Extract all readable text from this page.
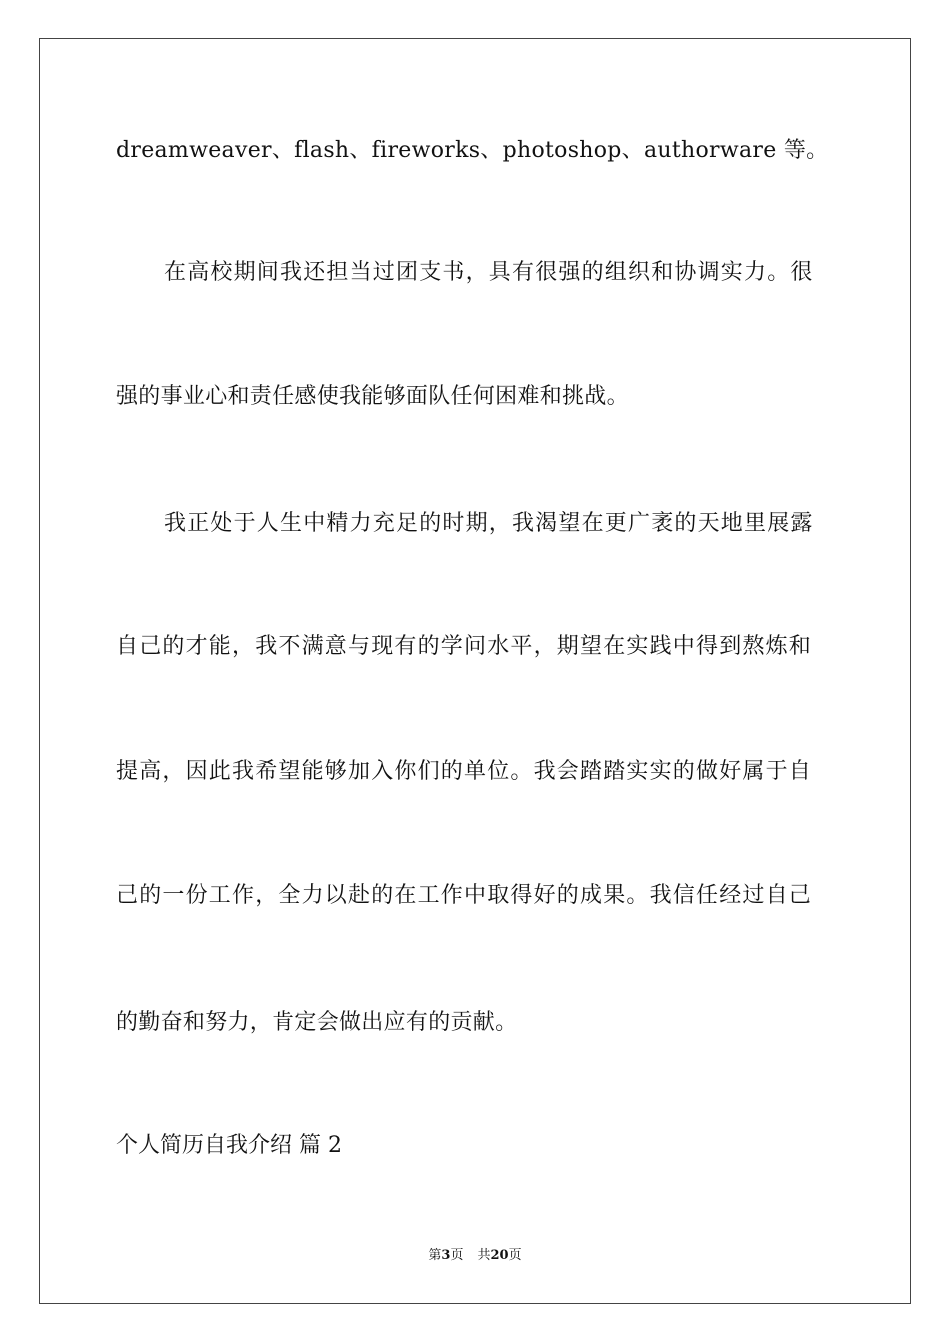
dreamweaver、flash、fireworks、photoshop、authorware 等。
在高校期间我还担当过团支书，具有很强的组织和协调实力。很
强的事业心和责任感使我能够面队任何困难和挑战。
我正处于人生中精力充足的时期，我渴望在更广袤的天地里展露
自己的才能，我不满意与现有的学问水平，期望在实践中得到熬炼和
提高，因此我希望能够加入你们的单位。我会踏踏实实的做好属于自
己的一份工作，全力以赴的在工作中取得好的成果。我信任经过自己
的勤奋和努力，肯定会做出应有的贡献。
个人简历自我介绍 篇 2
第3页 共20页
